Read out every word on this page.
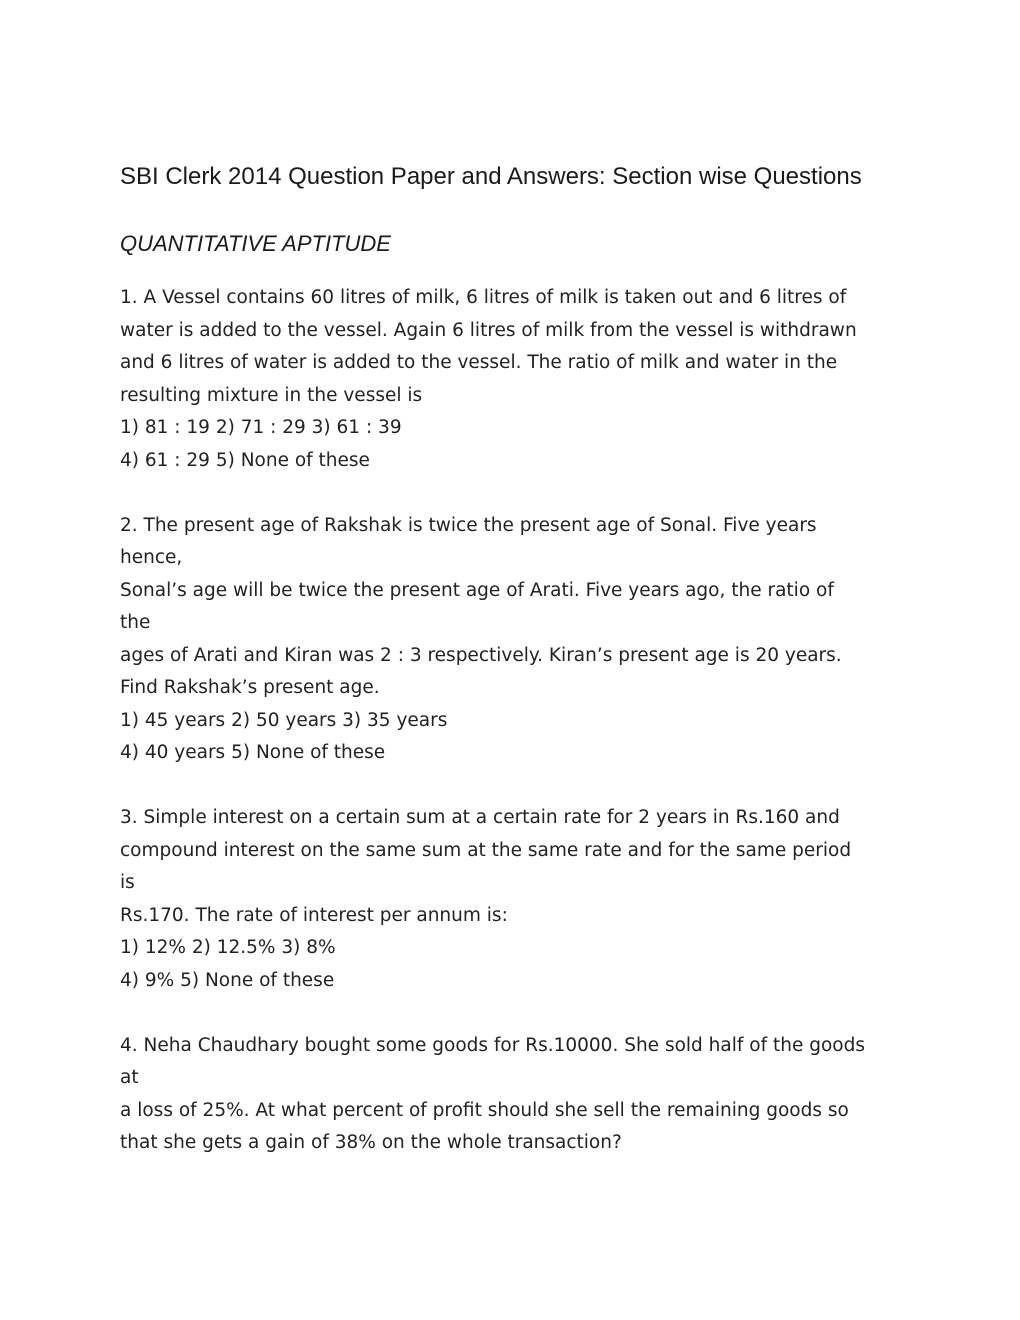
SBI Clerk 2014 Question Paper and Answers: Section wise Questions
QUANTITATIVE APTITUDE
1. A Vessel contains 60 litres of milk, 6 litres of milk is taken out and 6 litres of
water is added to the vessel. Again 6 litres of milk from the vessel is withdrawn
and 6 litres of water is added to the vessel. The ratio of milk and water in the
resulting mixture in the vessel is
1) 81 : 19 2) 71 : 29 3) 61 : 39
4) 61 : 29 5) None of these
2. The present age of Rakshak is twice the present age of Sonal. Five years
hence,
Sonal’s age will be twice the present age of Arati. Five years ago, the ratio of
the
ages of Arati and Kiran was 2 : 3 respectively. Kiran’s present age is 20 years.
Find Rakshak’s present age.
1) 45 years 2) 50 years 3) 35 years
4) 40 years 5) None of these
3. Simple interest on a certain sum at a certain rate for 2 years in Rs.160 and
compound interest on the same sum at the same rate and for the same period
is
Rs.170. The rate of interest per annum is:
1) 12% 2) 12.5% 3) 8%
4) 9% 5) None of these
4. Neha Chaudhary bought some goods for Rs.10000. She sold half of the goods
at
a loss of 25%. At what percent of profit should she sell the remaining goods so
that she gets a gain of 38% on the whole transaction?
